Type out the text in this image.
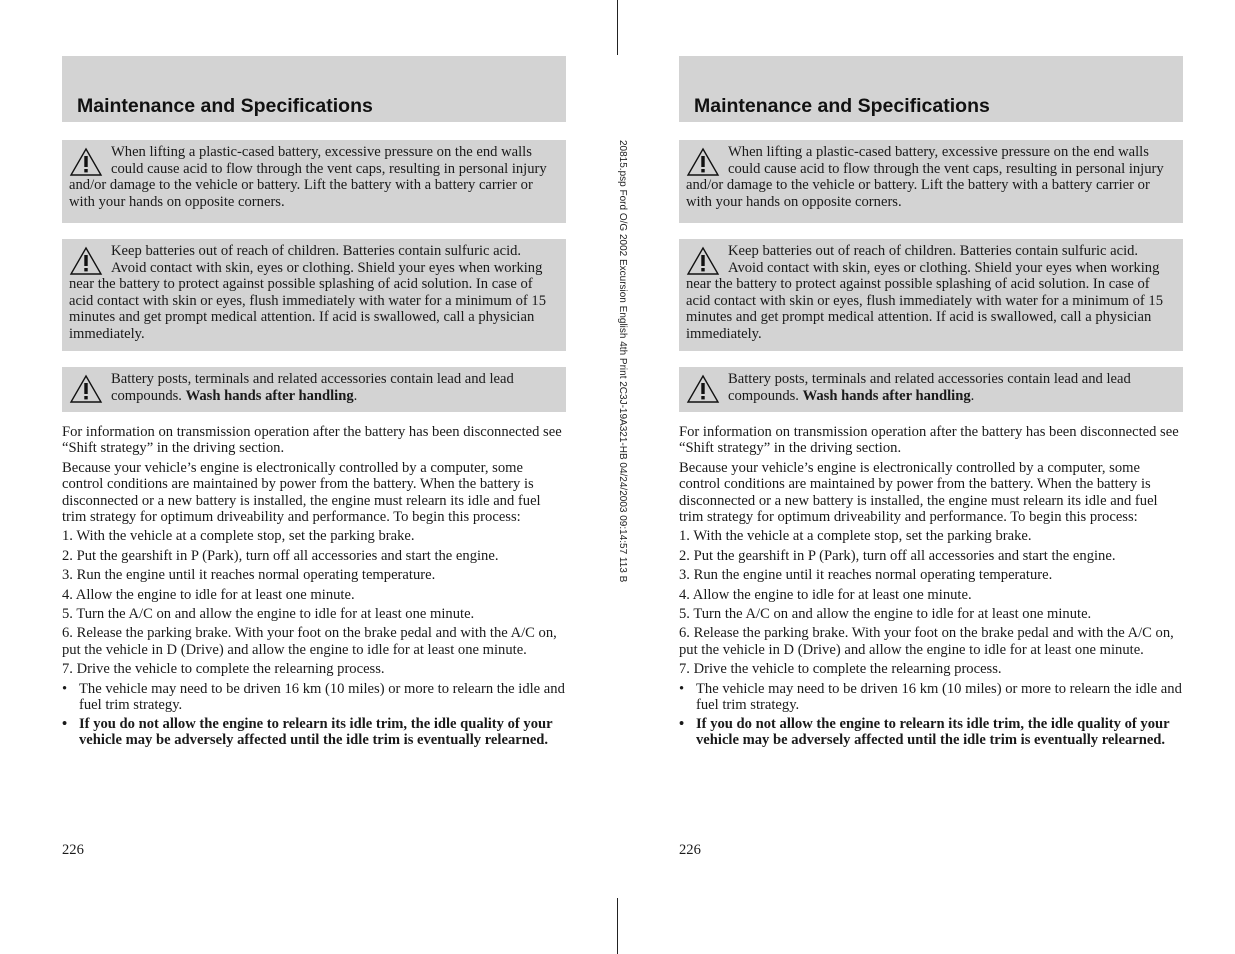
20815.psp Ford O/G 2002 Excursion English 4th Print 2C3J-19A321-HB 04/24/2003 09:14:57 113 B
Maintenance and Specifications
When lifting a plastic-cased battery, excessive pressure on the end walls could cause acid to flow through the vent caps, resulting in personal injury and/or damage to the vehicle or battery. Lift the battery with a battery carrier or with your hands on opposite corners.
Keep batteries out of reach of children. Batteries contain sulfuric acid. Avoid contact with skin, eyes or clothing. Shield your eyes when working near the battery to protect against possible splashing of acid solution. In case of acid contact with skin or eyes, flush immediately with water for a minimum of 15 minutes and get prompt medical attention. If acid is swallowed, call a physician immediately.
Battery posts, terminals and related accessories contain lead and lead compounds. Wash hands after handling.

For information on transmission operation after the battery has been disconnected see “Shift strategy” in the driving section.

Because your vehicle’s engine is electronically controlled by a computer, some control conditions are maintained by power from the battery. When the battery is disconnected or a new battery is installed, the engine must relearn its idle and fuel trim strategy for optimum driveability and performance. To begin this process:

1. With the vehicle at a complete stop, set the parking brake.

2. Put the gearshift in P (Park), turn off all accessories and start the engine.

3. Run the engine until it reaches normal operating temperature.

4. Allow the engine to idle for at least one minute.

5. Turn the A/C on and allow the engine to idle for at least one minute.

6. Release the parking brake. With your foot on the brake pedal and with the A/C on, put the vehicle in D (Drive) and allow the engine to idle for at least one minute.

7. Drive the vehicle to complete the relearning process.

• The vehicle may need to be driven 16 km (10 miles) or more to relearn the idle and fuel trim strategy.
• If you do not allow the engine to relearn its idle trim, the idle quality of your vehicle may be adversely affected until the idle trim is eventually relearned.
226
Maintenance and Specifications
When lifting a plastic-cased battery, excessive pressure on the end walls could cause acid to flow through the vent caps, resulting in personal injury and/or damage to the vehicle or battery. Lift the battery with a battery carrier or with your hands on opposite corners.
Keep batteries out of reach of children. Batteries contain sulfuric acid. Avoid contact with skin, eyes or clothing. Shield your eyes when working near the battery to protect against possible splashing of acid solution. In case of acid contact with skin or eyes, flush immediately with water for a minimum of 15 minutes and get prompt medical attention. If acid is swallowed, call a physician immediately.
Battery posts, terminals and related accessories contain lead and lead compounds. Wash hands after handling.

For information on transmission operation after the battery has been disconnected see “Shift strategy” in the driving section.

Because your vehicle’s engine is electronically controlled by a computer, some control conditions are maintained by power from the battery. When the battery is disconnected or a new battery is installed, the engine must relearn its idle and fuel trim strategy for optimum driveability and performance. To begin this process:

1. With the vehicle at a complete stop, set the parking brake.

2. Put the gearshift in P (Park), turn off all accessories and start the engine.

3. Run the engine until it reaches normal operating temperature.

4. Allow the engine to idle for at least one minute.

5. Turn the A/C on and allow the engine to idle for at least one minute.

6. Release the parking brake. With your foot on the brake pedal and with the A/C on, put the vehicle in D (Drive) and allow the engine to idle for at least one minute.

7. Drive the vehicle to complete the relearning process.

• The vehicle may need to be driven 16 km (10 miles) or more to relearn the idle and fuel trim strategy.
• If you do not allow the engine to relearn its idle trim, the idle quality of your vehicle may be adversely affected until the idle trim is eventually relearned.
226
